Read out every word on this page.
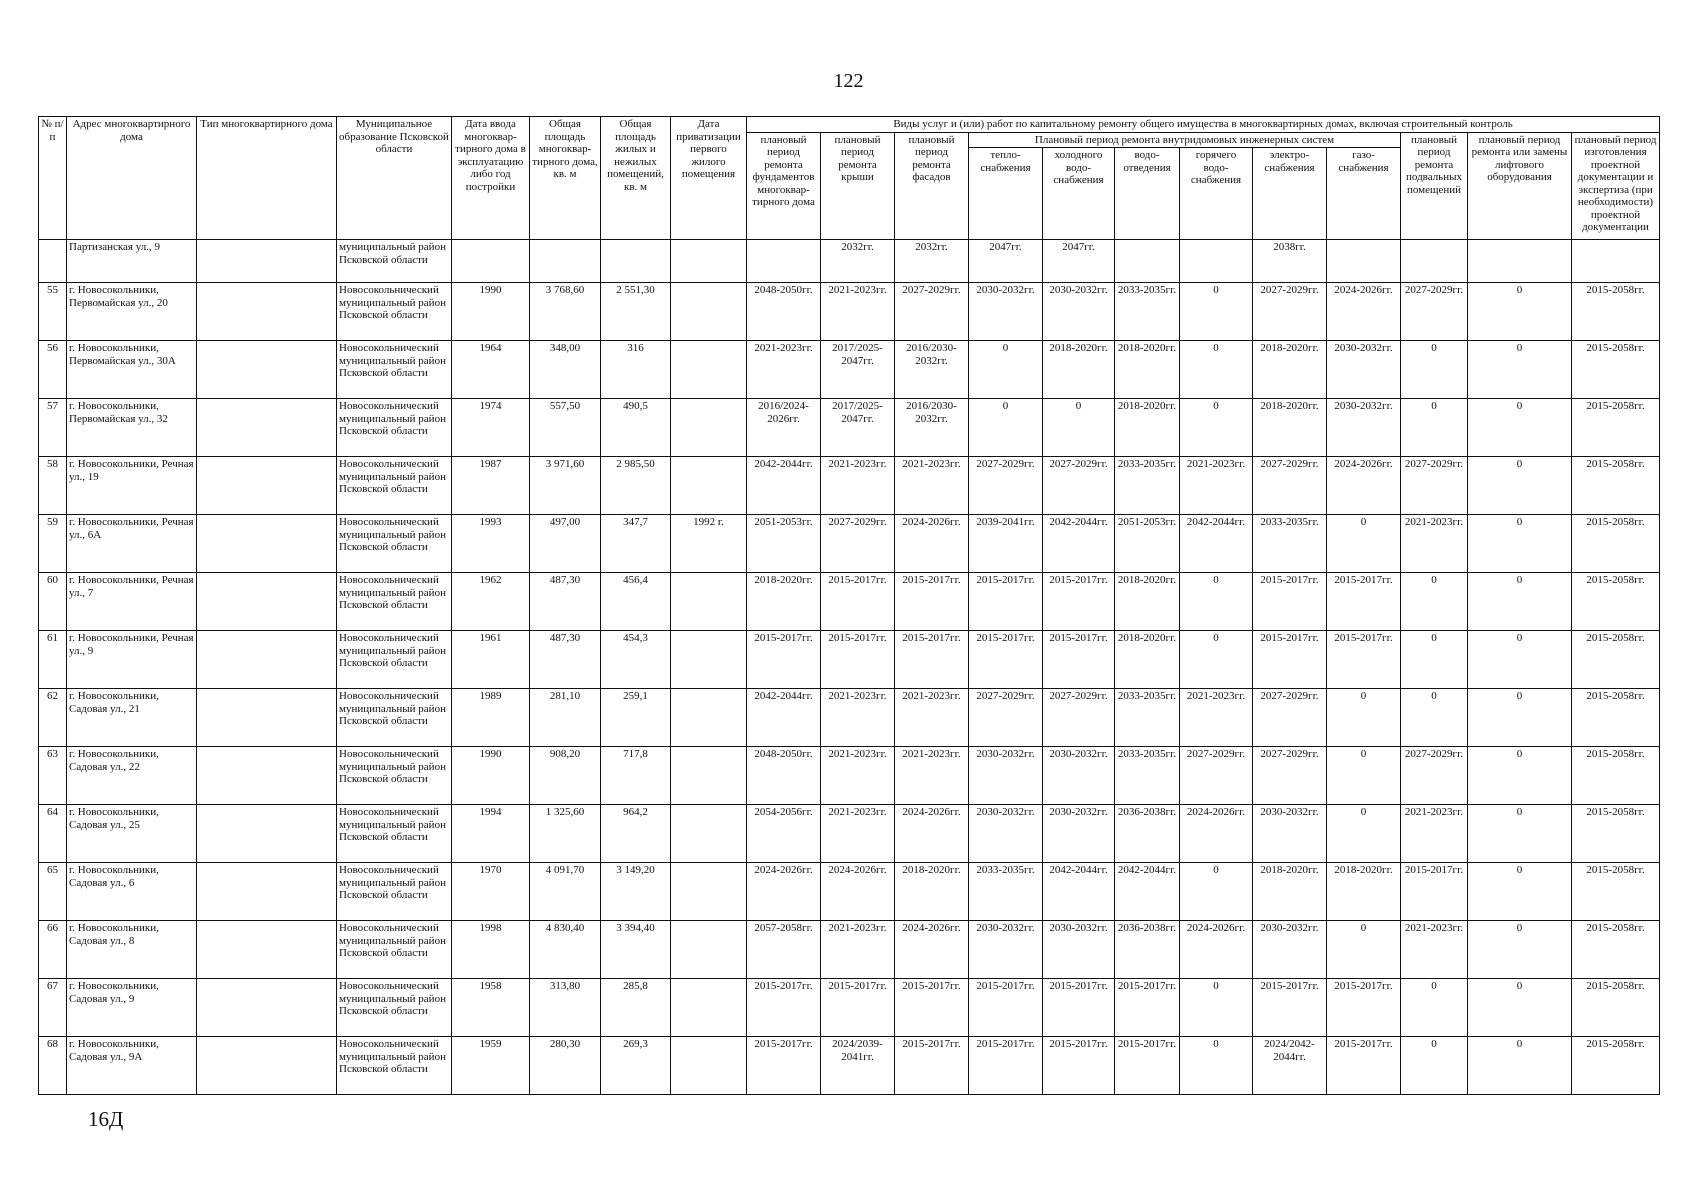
122
№ п/п	Адрес многоквартирного дома	Тип многоквартирного дома	Муниципальное образование Псковской области	Дата ввода многоквар-тирного дома в эксплуатацию либо год постройки	Общая площадь многоквар-тирного дома, кв. м	Общая площадь жилых и нежилых помещений, кв. м	Дата приватизации первого жилого помещения	Виды услуг и (или) работ по капитальному ремонту общего имущества в многоквартирных домах, включая строительный контроль											
								плановый период ремонта фундаментов многоквар-тирного дома	плановый период ремонта крыши	плановый период ремонта фасадов	Плановый период ремонта внутридомовых инженерных систем						плановый период ремонта подвальных помещений	плановый период ремонта или замены лифтового оборудования	плановый период изготовления проектной документации и экспертиза (при необходимости) проектной документации
											тепло-снабжения	холодного водо-снабжения	водо-отведения	горячего водо-снабжения	электро-снабжения	газо-снабжения			
	Партизанская ул., 9		муниципальный район Псковской области						2032гг.	2032гг.	2047гг.	2047гг.			2038гг.				
55	г. Новосокольники, Первомайская ул., 20		Новосокольнический муниципальный район Псковской области	1990	3 768,60	2 551,30		2048-2050гг.	2021-2023гг.	2027-2029гг.	2030-2032гг.	2030-2032гг.	2033-2035гг.	0	2027-2029гг.	2024-2026гг.	2027-2029гг.	0	2015-2058гг.
56	г. Новосокольники, Первомайская ул., 30А		Новосокольнический муниципальный район Псковской области	1964	348,00	316		2021-2023гг.	2017/2025-2047гг.	2016/2030-2032гг.	0	2018-2020гг.	2018-2020гг.	0	2018-2020гг.	2030-2032гг.	0	0	2015-2058гг.
57	г. Новосокольники, Первомайская ул., 32		Новосокольнический муниципальный район Псковской области	1974	557,50	490,5		2016/2024-2026гг.	2017/2025-2047гг.	2016/2030-2032гг.	0	0	2018-2020гг.	0	2018-2020гг.	2030-2032гг.	0	0	2015-2058гг.
58	г. Новосокольники, Речная ул., 19		Новосокольнический муниципальный район Псковской области	1987	3 971,60	2 985,50		2042-2044гг.	2021-2023гг.	2021-2023гг.	2027-2029гг.	2027-2029гг.	2033-2035гг.	2021-2023гг.	2027-2029гг.	2024-2026гг.	2027-2029гг.	0	2015-2058гг.
59	г. Новосокольники, Речная ул., 6А		Новосокольнический муниципальный район Псковской области	1993	497,00	347,7	1992 г.	2051-2053гг.	2027-2029гг.	2024-2026гг.	2039-2041гг.	2042-2044гг.	2051-2053гг.	2042-2044гг.	2033-2035гг.	0	2021-2023гг.	0	2015-2058гг.
60	г. Новосокольники, Речная ул., 7		Новосокольнический муниципальный район Псковской области	1962	487,30	456,4		2018-2020гг.	2015-2017гг.	2015-2017гг.	2015-2017гг.	2015-2017гг.	2018-2020гг.	0	2015-2017гг.	2015-2017гг.	0	0	2015-2058гг.
61	г. Новосокольники, Речная ул., 9		Новосокольнический муниципальный район Псковской области	1961	487,30	454,3		2015-2017гг.	2015-2017гг.	2015-2017гг.	2015-2017гг.	2015-2017гг.	2018-2020гг.	0	2015-2017гг.	2015-2017гг.	0	0	2015-2058гг.
62	г. Новосокольники, Садовая ул., 21		Новосокольнический муниципальный район Псковской области	1989	281,10	259,1		2042-2044гг.	2021-2023гг.	2021-2023гг.	2027-2029гг.	2027-2029гг.	2033-2035гг.	2021-2023гг.	2027-2029гг.	0	0	0	2015-2058гг.
63	г. Новосокольники, Садовая ул., 22		Новосокольнический муниципальный район Псковской области	1990	908,20	717,8		2048-2050гг.	2021-2023гг.	2021-2023гг.	2030-2032гг.	2030-2032гг.	2033-2035гг.	2027-2029гг.	2027-2029гг.	0	2027-2029гг.	0	2015-2058гг.
64	г. Новосокольники, Садовая ул., 25		Новосокольнический муниципальный район Псковской области	1994	1 325,60	964,2		2054-2056гг.	2021-2023гг.	2024-2026гг.	2030-2032гг.	2030-2032гг.	2036-2038гг.	2024-2026гг.	2030-2032гг.	0	2021-2023гг.	0	2015-2058гг.
65	г. Новосокольники, Садовая ул., 6		Новосокольнический муниципальный район Псковской области	1970	4 091,70	3 149,20		2024-2026гг.	2024-2026гг.	2018-2020гг.	2033-2035гг.	2042-2044гг.	2042-2044гг.	0	2018-2020гг.	2018-2020гг.	2015-2017гг.	0	2015-2058гг.
66	г. Новосокольники, Садовая ул., 8		Новосокольнический муниципальный район Псковской области	1998	4 830,40	3 394,40		2057-2058гг.	2021-2023гг.	2024-2026гг.	2030-2032гг.	2030-2032гг.	2036-2038гг.	2024-2026гг.	2030-2032гг.	0	2021-2023гг.	0	2015-2058гг.
67	г. Новосокольники, Садовая ул., 9		Новосокольнический муниципальный район Псковской области	1958	313,80	285,8		2015-2017гг.	2015-2017гг.	2015-2017гг.	2015-2017гг.	2015-2017гг.	2015-2017гг.	0	2015-2017гг.	2015-2017гг.	0	0	2015-2058гг.
68	г. Новосокольники, Садовая ул., 9А		Новосокольнический муниципальный район Псковской области	1959	280,30	269,3		2015-2017гг.	2024/2039-2041гг.	2015-2017гг.	2015-2017гг.	2015-2017гг.	2015-2017гг.	0	2024/2042-2044гг.	2015-2017гг.	0	0	2015-2058гг.
16Д
